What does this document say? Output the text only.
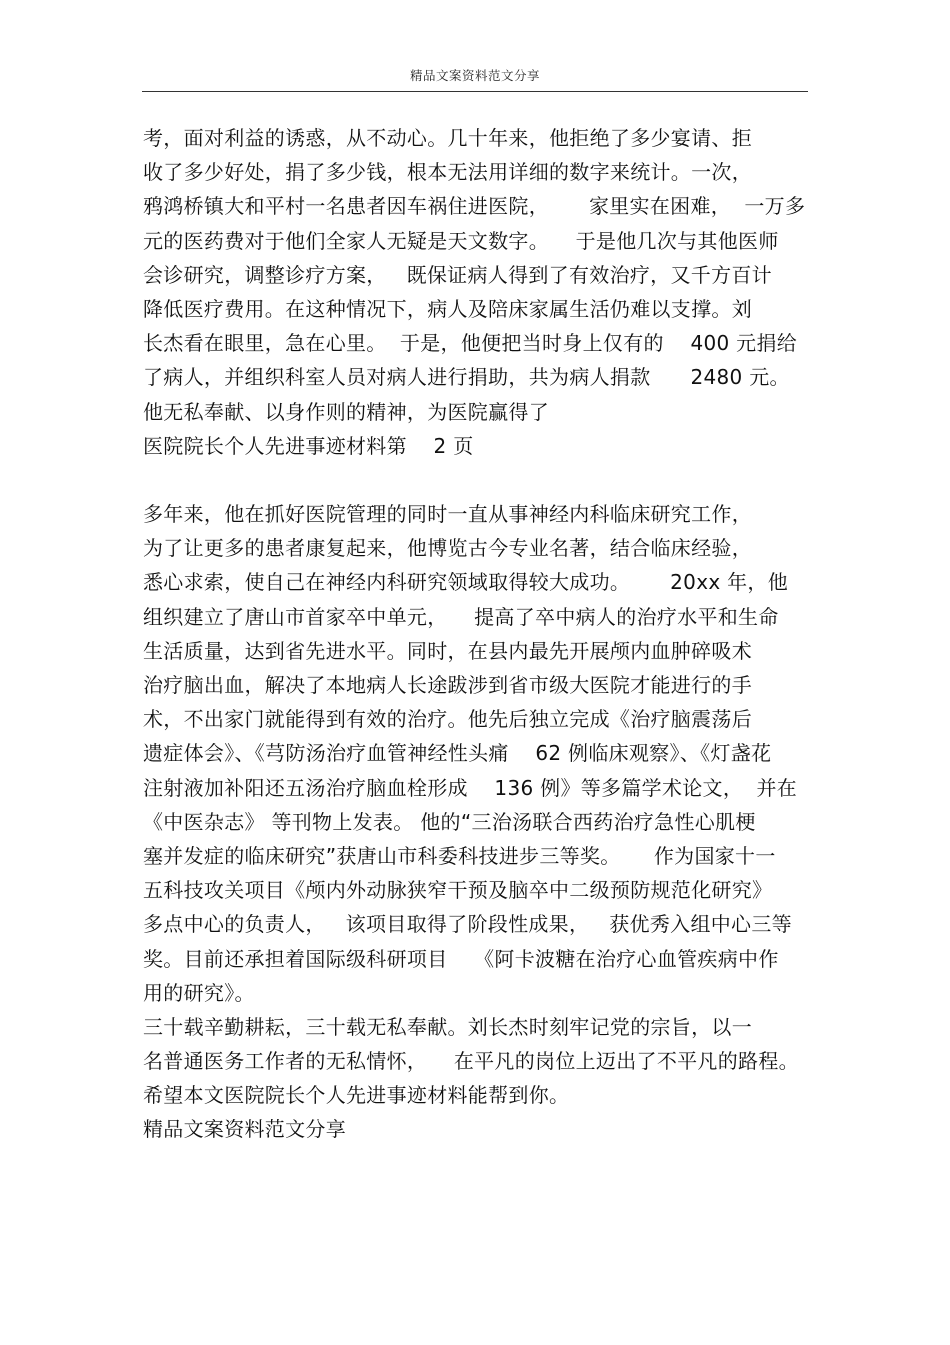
精品文案资料范文分享
考，面对利益的诱惑，从不动心。几十年来，他拒绝了多少宴请、拒
收了多少好处，捐了多少钱，根本无法用详细的数字来统计。一次，
鸦鸿桥镇大和平村一名患者因车祸住进医院，      家里实在困难，  一万多
元的医药费对于他们全家人无疑是天文数字。    于是他几次与其他医师
会诊研究，调整诊疗方案，   既保证病人得到了有效治疗，又千方百计
降低医疗费用。在这种情况下，病人及陪床家属生活仍难以支撑。刘
长杰看在眼里，急在心里。  于是，他便把当时身上仅有的    400 元捐给
了病人，并组织科室人员对病人进行捐助，共为病人捐款      2480 元。
他无私奉献、以身作则的精神，为医院赢得了
医院院长个人先进事迹材料第    2 页
多年来，他在抓好医院管理的同时一直从事神经内科临床研究工作，
为了让更多的患者康复起来，他博览古今专业名著，结合临床经验，
悉心求索，使自己在神经内科研究领域取得较大成功。      20xx 年，他
组织建立了唐山市首家卒中单元，    提高了卒中病人的治疗水平和生命
生活质量，达到省先进水平。同时，在县内最先开展颅内血肿碎吸术
治疗脑出血，解决了本地病人长途跋涉到省市级大医院才能进行的手
术，不出家门就能得到有效的治疗。他先后独立完成《治疗脑震荡后
遗症体会》、《芎防汤治疗血管神经性头痛    62 例临床观察》、《灯盏花
注射液加补阳还五汤治疗脑血栓形成    136 例》等多篇学术论文，  并在
《中医杂志》 等刊物上发表。 他的“三治汤联合西药治疗急性心肌梗
塞并发症的临床研究”获唐山市科委科技进步三等奖。     作为国家十一
五科技攻关项目《颅内外动脉狭窄干预及脑卒中二级预防规范化研究》
多点中心的负责人，   该项目取得了阶段性成果，   获优秀入组中心三等
奖。目前还承担着国际级科研项目    《阿卡波糖在治疗心血管疾病中作
用的研究》。
三十载辛勤耕耘，三十载无私奉献。刘长杰时刻牢记党的宗旨，以一
名普通医务工作者的无私情怀，    在平凡的岗位上迈出了不平凡的路程。
希望本文医院院长个人先进事迹材料能帮到你。
精品文案资料范文分享
